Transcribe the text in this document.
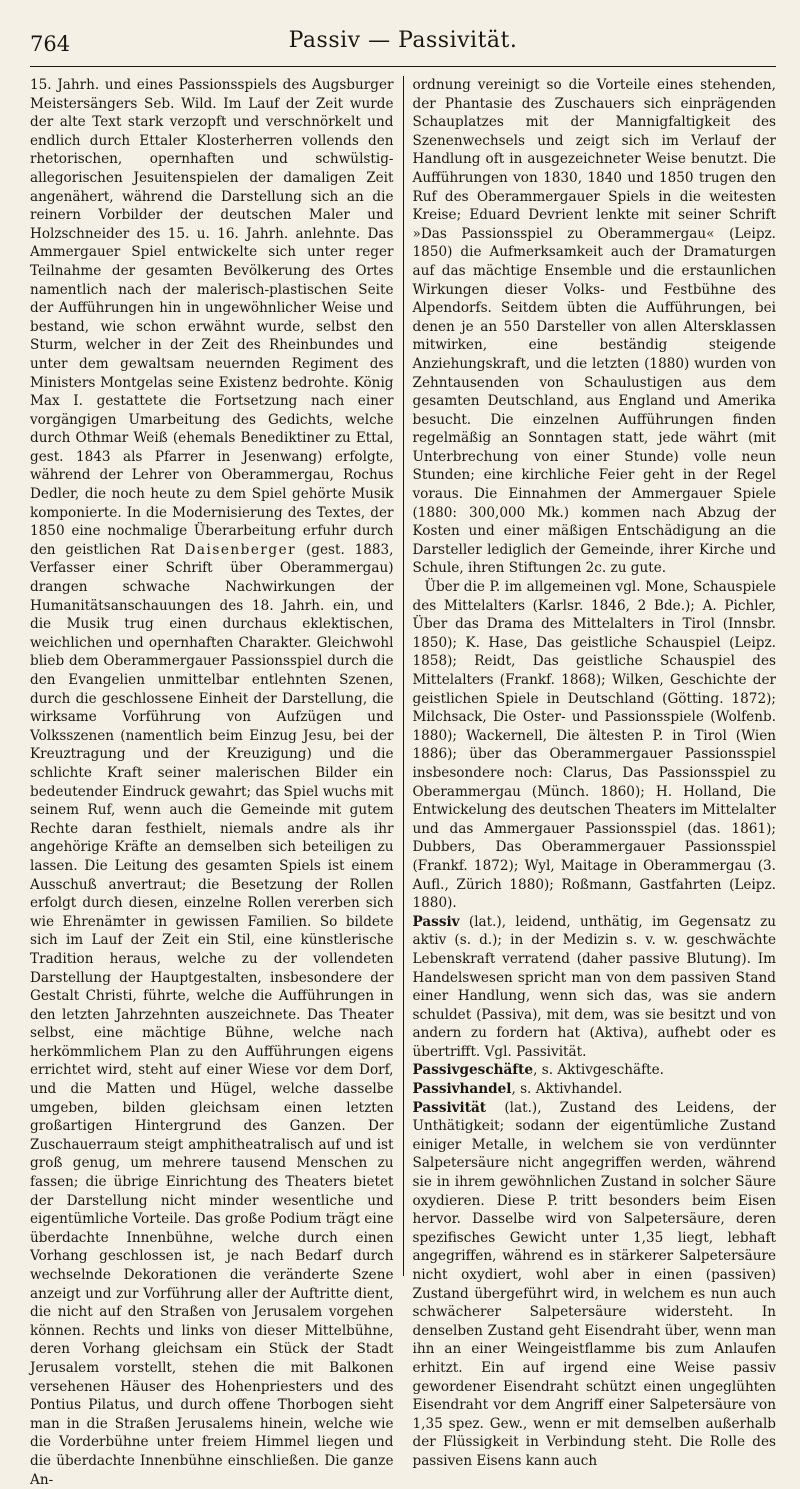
764	Passiv — Passivität.

15. Jahrh. und eines Passionsspiels des Augsburger Meistersängers Seb. Wild. Im Lauf der Zeit wurde der alte Text stark verzopft und verschnörkelt und endlich durch Ettaler Klosterherren vollends den rhetorischen, opernhaften und schwülstig-allegorischen Jesuitenspielen der damaligen Zeit angenähert, während die Darstellung sich an die reinern Vorbilder der deutschen Maler und Holzschneider des 15. u. 16. Jahrh. anlehnte. Das Ammergauer Spiel entwickelte sich unter reger Teilnahme der gesamten Bevölkerung des Ortes namentlich nach der malerisch-plastischen Seite der Aufführungen hin in ungewöhnlicher Weise und bestand, wie schon erwähnt wurde, selbst den Sturm, welcher in der Zeit des Rheinbundes und unter dem gewaltsam neuernden Regiment des Ministers Montgelas seine Existenz bedrohte. König Max I. gestattete die Fortsetzung nach einer vorgängigen Umarbeitung des Gedichts, welche durch Othmar Weiß (ehemals Benediktiner zu Ettal, gest. 1843 als Pfarrer in Jesenwang) erfolgte, während der Lehrer von Oberammergau, Rochus Dedler, die noch heute zu dem Spiel gehörte Musik komponierte. In die Modernisierung des Textes, der 1850 eine nochmalige Überarbeitung erfuhr durch den geistlichen Rat Daisenberger (gest. 1883, Verfasser einer Schrift über Oberammergau) drangen schwache Nachwirkungen der Humanitätsanschauungen des 18. Jahrh. ein, und die Musik trug einen durchaus eklektischen, weichlichen und opernhaften Charakter. Gleichwohl blieb dem Oberammergauer Passionsspiel durch die den Evangelien unmittelbar entlehnten Szenen, durch die geschlossene Einheit der Darstellung, die wirksame Vorführung von Aufzügen und Volksszenen (namentlich beim Einzug Jesu, bei der Kreuztragung und der Kreuzigung) und die schlichte Kraft seiner malerischen Bilder ein bedeutender Eindruck gewahrt; das Spiel wuchs mit seinem Ruf, wenn auch die Gemeinde mit gutem Rechte daran festhielt, niemals andre als ihr angehörige Kräfte an demselben sich beteiligen zu lassen. Die Leitung des gesamten Spiels ist einem Ausschuß anvertraut; die Besetzung der Rollen erfolgt durch diesen, einzelne Rollen vererben sich wie Ehrenämter in gewissen Familien. So bildete sich im Lauf der Zeit ein Stil, eine künstlerische Tradition heraus, welche zu der vollendeten Darstellung der Hauptgestalten, insbesondere der Gestalt Christi, führte, welche die Aufführungen in den letzten Jahrzehnten auszeichnete. Das Theater selbst, eine mächtige Bühne, welche nach herkömmlichem Plan zu den Aufführungen eigens errichtet wird, steht auf einer Wiese vor dem Dorf, und die Matten und Hügel, welche dasselbe umgeben, bilden gleichsam einen letzten großartigen Hintergrund des Ganzen. Der Zuschauerraum steigt amphitheatralisch auf und ist groß genug, um mehrere tausend Menschen zu fassen; die übrige Einrichtung des Theaters bietet der Darstellung nicht minder wesentliche und eigentümliche Vorteile. Das große Podium trägt eine überdachte Innenbühne, welche durch einen Vorhang geschlossen ist, je nach Bedarf durch wechselnde Dekorationen die veränderte Szene anzeigt und zur Vorführung aller der Auftritte dient, die nicht auf den Straßen von Jerusalem vorgehen können. Rechts und links von dieser Mittelbühne, deren Vorhang gleichsam ein Stück der Stadt Jerusalem vorstellt, stehen die mit Balkonen versehenen Häuser des Hohenpriesters und des Pontius Pilatus, und durch offene Thorbogen sieht man in die Straßen Jerusalems hinein, welche wie die Vorderbühne unter freiem Himmel liegen und die überdachte Innenbühne einschließen. Die ganze An-

ordnung vereinigt so die Vorteile eines stehenden, der Phantasie des Zuschauers sich einprägenden Schauplatzes mit der Mannigfaltigkeit des Szenenwechsels und zeigt sich im Verlauf der Handlung oft in ausgezeichneter Weise benutzt. Die Aufführungen von 1830, 1840 und 1850 trugen den Ruf des Oberammergauer Spiels in die weitesten Kreise; Eduard Devrient lenkte mit seiner Schrift »Das Passionsspiel zu Oberammergau« (Leipz. 1850) die Aufmerksamkeit auch der Dramaturgen auf das mächtige Ensemble und die erstaunlichen Wirkungen dieser Volks- und Festbühne des Alpendorfs. Seitdem übten die Aufführungen, bei denen je an 550 Darsteller von allen Altersklassen mitwirken, eine beständig steigende Anziehungskraft, und die letzten (1880) wurden von Zehntausenden von Schaulustigen aus dem gesamten Deutschland, aus England und Amerika besucht. Die einzelnen Aufführungen finden regelmäßig an Sonntagen statt, jede währt (mit Unterbrechung von einer Stunde) volle neun Stunden; eine kirchliche Feier geht in der Regel voraus. Die Einnahmen der Ammergauer Spiele (1880: 300,000 Mk.) kommen nach Abzug der Kosten und einer mäßigen Entschädigung an die Darsteller lediglich der Gemeinde, ihrer Kirche und Schule, ihren Stiftungen 2c. zu gute.

Über die P. im allgemeinen vgl. Mone, Schauspiele des Mittelalters (Karlsr. 1846, 2 Bde.); A. Pichler, Über das Drama des Mittelalters in Tirol (Innsbr. 1850); K. Hase, Das geistliche Schauspiel (Leipz. 1858); Reidt, Das geistliche Schauspiel des Mittelalters (Frankf. 1868); Wilken, Geschichte der geistlichen Spiele in Deutschland (Götting. 1872); Milchsack, Die Oster- und Passionsspiele (Wolfenb. 1880); Wackernell, Die ältesten P. in Tirol (Wien 1886); über das Oberammergauer Passionsspiel insbesondere noch: Clarus, Das Passionsspiel zu Oberammergau (Münch. 1860); H. Holland, Die Entwickelung des deutschen Theaters im Mittelalter und das Ammergauer Passionsspiel (das. 1861); Dubbers, Das Oberammergauer Passionsspiel (Frankf. 1872); Wyl, Maitage in Oberammergau (3. Aufl., Zürich 1880); Roßmann, Gastfahrten (Leipz. 1880).

Passiv (lat.), leidend, unthätig, im Gegensatz zu aktiv (s. d.); in der Medizin s. v. w. geschwächte Lebenskraft verratend (daher passive Blutung). Im Handelswesen spricht man von dem passiven Stand einer Handlung, wenn sich das, was sie andern schuldet (Passiva), mit dem, was sie besitzt und von andern zu fordern hat (Aktiva), aufhebt oder es übertrifft. Vgl. Passivität.

Passivgeschäfte, s. Aktivgeschäfte.

Passivhandel, s. Aktivhandel.

Passivität (lat.), Zustand des Leidens, der Unthätigkeit; sodann der eigentümliche Zustand einiger Metalle, in welchem sie von verdünnter Salpetersäure nicht angegriffen werden, während sie in ihrem gewöhnlichen Zustand in solcher Säure oxydieren. Diese P. tritt besonders beim Eisen hervor. Dasselbe wird von Salpetersäure, deren spezifisches Gewicht unter 1,35 liegt, lebhaft angegriffen, während es in stärkerer Salpetersäure nicht oxydiert, wohl aber in einen (passiven) Zustand übergeführt wird, in welchem es nun auch schwächerer Salpetersäure widersteht. In denselben Zustand geht Eisendraht über, wenn man ihn an einer Weingeistflamme bis zum Anlaufen erhitzt. Ein auf irgend eine Weise passiv gewordener Eisendraht schützt einen ungeglühten Eisendraht vor dem Angriff einer Salpetersäure von 1,35 spez. Gew., wenn er mit demselben außerhalb der Flüssigkeit in Verbindung steht. Die Rolle des passiven Eisens kann auch
